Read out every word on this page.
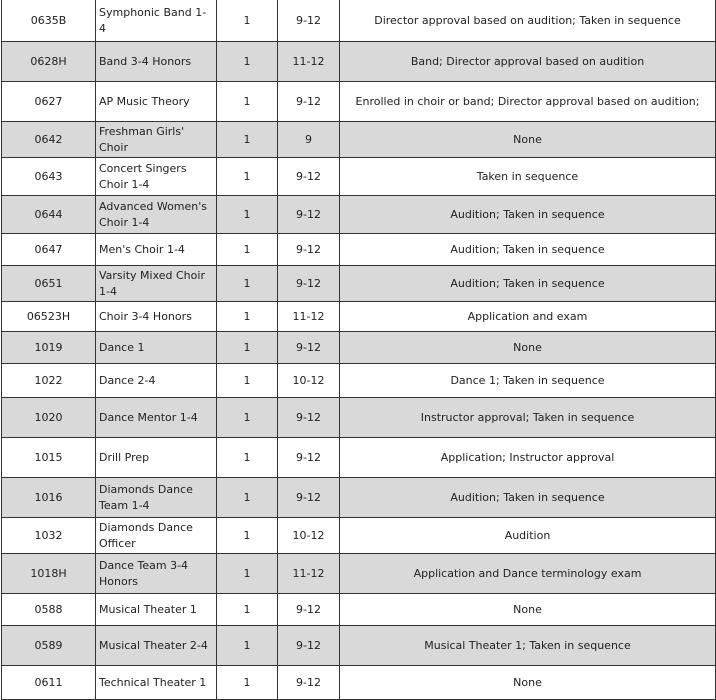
0635B	Symphonic Band 1-4	1	9-12	Director approval based on audition; Taken in sequence
0628H	Band 3-4 Honors	1	11-12	Band; Director approval based on audition
0627	AP Music Theory	1	9-12	Enrolled in choir or band; Director approval based on audition;
0642	Freshman Girls' Choir	1	9	None
0643	Concert Singers Choir 1-4	1	9-12	Taken in sequence
0644	Advanced Women's Choir 1-4	1	9-12	Audition; Taken in sequence
0647	Men's Choir 1-4	1	9-12	Audition; Taken in sequence
0651	Varsity Mixed Choir 1-4	1	9-12	Audition; Taken in sequence
06523H	Choir 3-4 Honors	1	11-12	Application and exam
1019	Dance 1	1	9-12	None
1022	Dance 2-4	1	10-12	Dance 1; Taken in sequence
1020	Dance Mentor 1-4	1	9-12	Instructor approval; Taken in sequence
1015	Drill Prep	1	9-12	Application; Instructor approval
1016	Diamonds Dance Team 1-4	1	9-12	Audition; Taken in sequence
1032	Diamonds Dance Officer	1	10-12	Audition
1018H	Dance Team 3-4 Honors	1	11-12	Application and Dance terminology exam
0588	Musical Theater 1	1	9-12	None
0589	Musical Theater 2-4	1	9-12	Musical Theater 1; Taken in sequence
0611	Technical Theater 1	1	9-12	None
